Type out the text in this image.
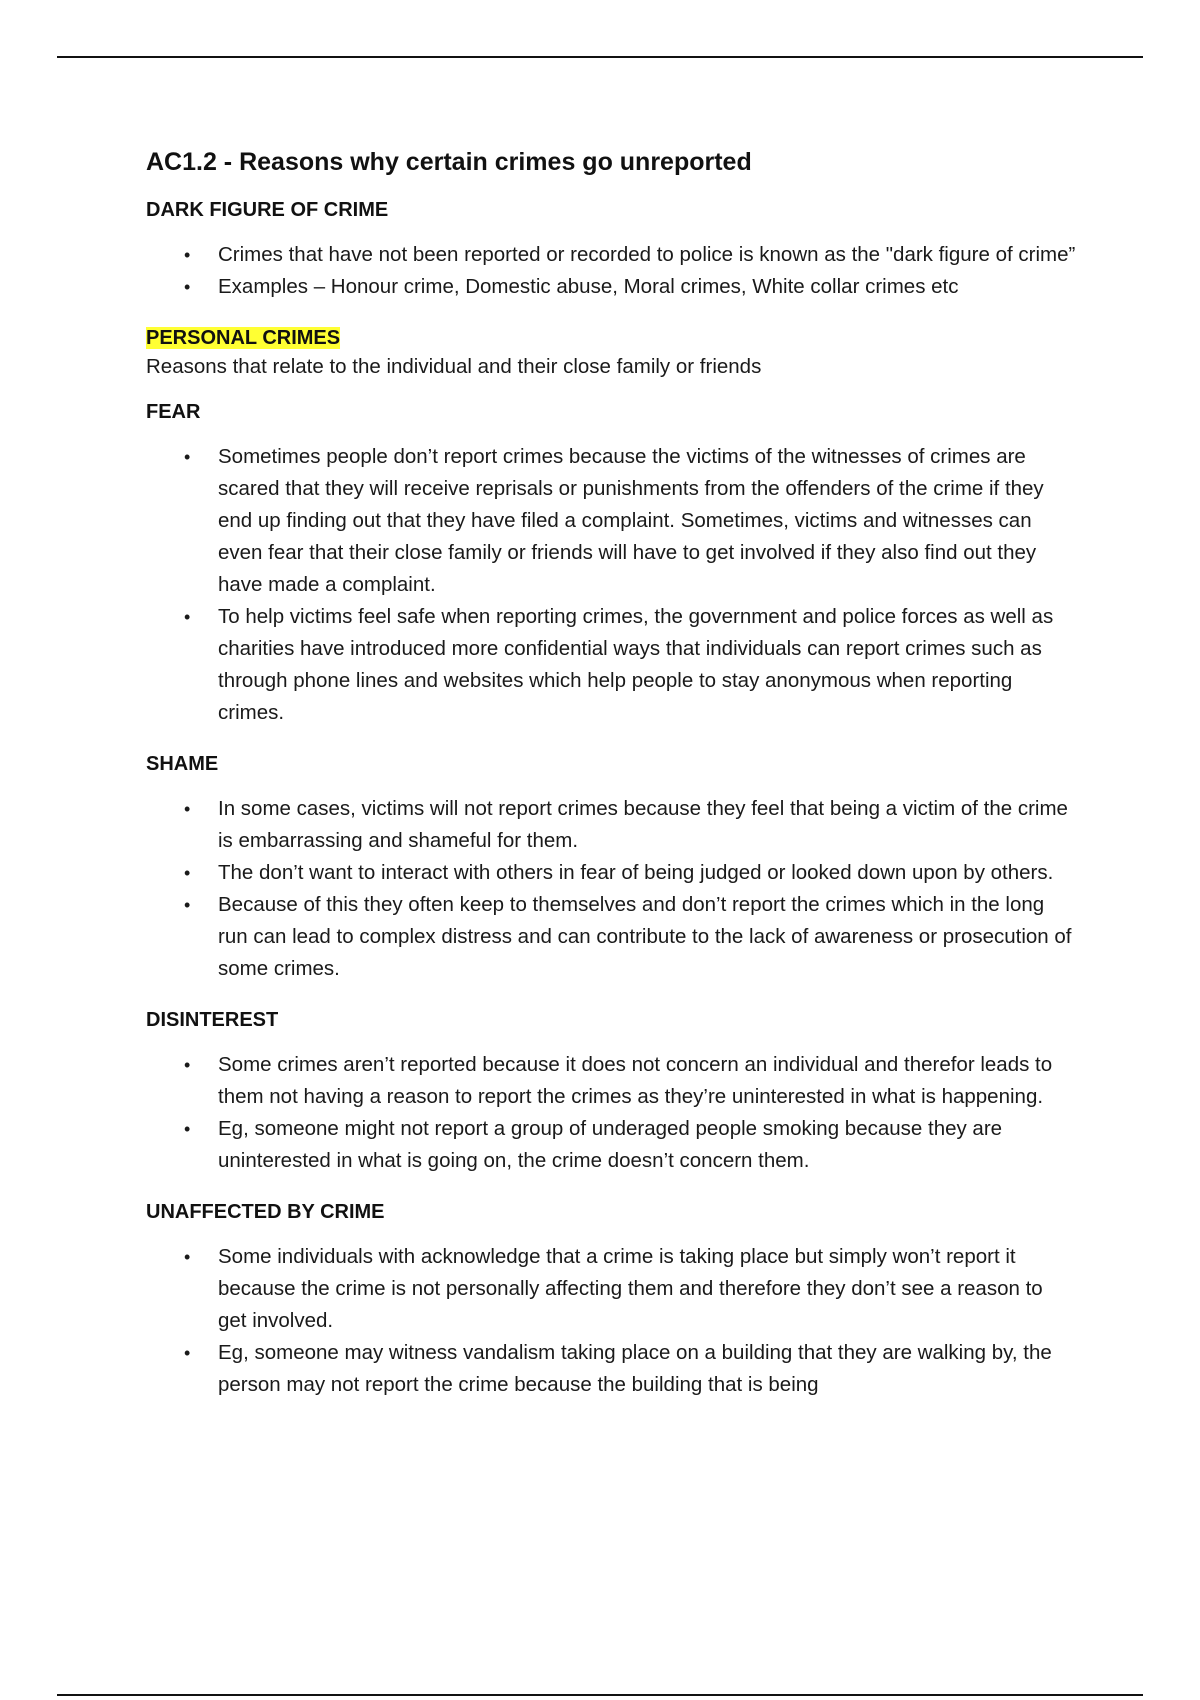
AC1.2 - Reasons why certain crimes go unreported
DARK FIGURE OF CRIME
• Crimes that have not been reported or recorded to police is known as the "dark figure of crime”
• Examples – Honour crime, Domestic abuse, Moral crimes, White collar crimes etc
PERSONAL CRIMES

Reasons that relate to the individual and their close family or friends

FEAR
• Sometimes people don’t report crimes because the victims of the witnesses of crimes are scared that they will receive reprisals or punishments from the offenders of the crime if they end up finding out that they have filed a complaint. Sometimes, victims and witnesses can even fear that their close family or friends will have to get involved if they also find out they have made a complaint.
• To help victims feel safe when reporting crimes, the government and police forces as well as charities have introduced more confidential ways that individuals can report crimes such as through phone lines and websites which help people to stay anonymous when reporting crimes.
SHAME
• In some cases, victims will not report crimes because they feel that being a victim of the crime is embarrassing and shameful for them.
• The don’t want to interact with others in fear of being judged or looked down upon by others.
• Because of this they often keep to themselves and don’t report the crimes which in the long run can lead to complex distress and can contribute to the lack of awareness or prosecution of some crimes.
DISINTEREST
• Some crimes aren’t reported because it does not concern an individual and therefor leads to them not having a reason to report the crimes as they’re uninterested in what is happening.
• Eg, someone might not report a group of underaged people smoking because they are uninterested in what is going on, the crime doesn’t concern them.
UNAFFECTED BY CRIME
• Some individuals with acknowledge that a crime is taking place but simply won’t report it because the crime is not personally affecting them and therefore they don’t see a reason to get involved.
• Eg, someone may witness vandalism taking place on a building that they are walking by, the person may not report the crime because the building that is being
